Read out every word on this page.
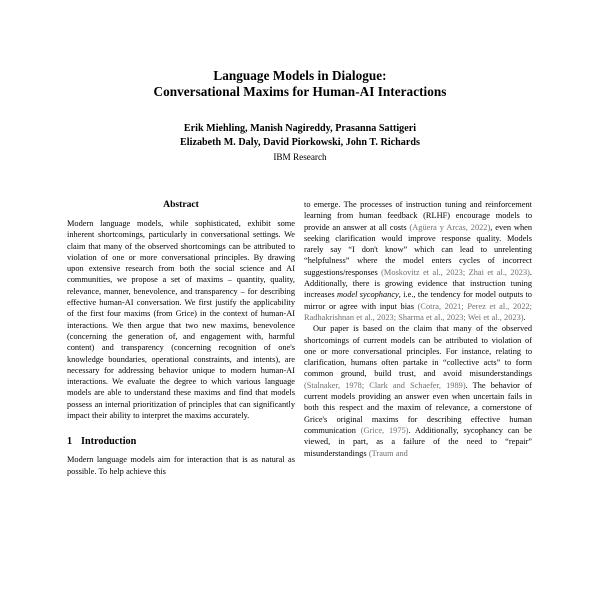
Language Models in Dialogue:
Conversational Maxims for Human-AI Interactions
Erik Miehling, Manish Nagireddy, Prasanna Sattigeri
Elizabeth M. Daly, David Piorkowski, John T. Richards
IBM Research
Abstract

Modern language models, while sophisticated, exhibit some inherent shortcomings, particularly in conversational settings. We claim that many of the observed shortcomings can be attributed to violation of one or more conversational principles. By drawing upon extensive research from both the social science and AI communities, we propose a set of maxims – quantity, quality, relevance, manner, benevolence, and transparency – for describing effective human-AI conversation. We first justify the applicability of the first four maxims (from Grice) in the context of human-AI interactions. We then argue that two new maxims, benevolence (concerning the generation of, and engagement with, harmful content) and transparency (concerning recognition of one's knowledge boundaries, operational constraints, and intents), are necessary for addressing behavior unique to modern human-AI interactions. We evaluate the degree to which various language models are able to understand these maxims and find that models possess an internal prioritization of principles that can significantly impact their ability to interpret the maxims accurately.

1 Introduction

Modern language models aim for interaction that is as natural as possible. To help achieve this

to emerge. The processes of instruction tuning and reinforcement learning from human feedback (RLHF) encourage models to provide an answer at all costs (Agüera y Arcas, 2022), even when seeking clarification would improve response quality. Models rarely say “I don't know” which can lead to unrelenting “helpfulness” where the model enters cycles of incorrect suggestions/responses (Moskovitz et al., 2023; Zhai et al., 2023). Additionally, there is growing evidence that instruction tuning increases model sycophancy, i.e., the tendency for model outputs to mirror or agree with input bias (Cotra, 2021; Perez et al., 2022; Radhakrishnan et al., 2023; Sharma et al., 2023; Wei et al., 2023).

Our paper is based on the claim that many of the observed shortcomings of current models can be attributed to violation of one or more conversational principles. For instance, relating to clarification, humans often partake in “collective acts” to form common ground, build trust, and avoid misunderstandings (Stalnaker, 1978; Clark and Schaefer, 1989). The behavior of current models providing an answer even when uncertain fails in both this respect and the maxim of relevance, a cornerstone of Grice's original maxims for describing effective human communication (Grice, 1975). Additionally, sycophancy can be viewed, in part, as a failure of the need to “repair” misunderstandings (Traum and
